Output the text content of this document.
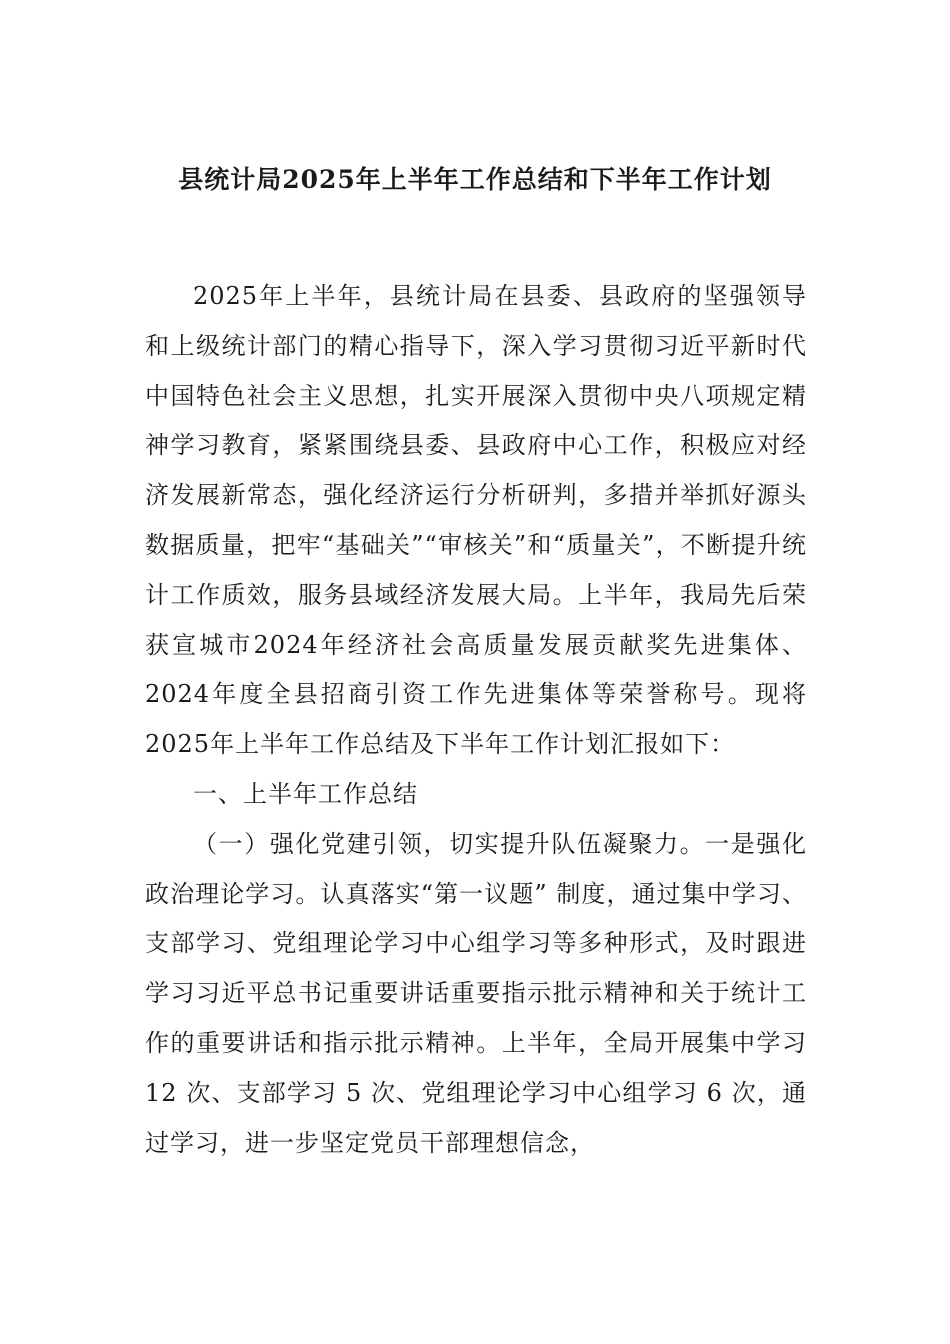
县统计局2025年上半年工作总结和下半年工作计划

2025年上半年，县统计局在县委、县政府的坚强领导和上级统计部门的精心指导下，深入学习贯彻习近平新时代中国特色社会主义思想，扎实开展深入贯彻中央八项规定精神学习教育，紧紧围绕县委、县政府中心工作，积极应对经济发展新常态，强化经济运行分析研判，多措并举抓好源头数据质量，把牢“基础关”“审核关”和“质量关”，不断提升统计工作质效，服务县域经济发展大局。上半年，我局先后荣获宣城市2024年经济社会高质量发展贡献奖先进集体、2024年度全县招商引资工作先进集体等荣誉称号。现将2025年上半年工作总结及下半年工作计划汇报如下：

一、上半年工作总结

（一）强化党建引领，切实提升队伍凝聚力。一是强化政治理论学习。认真落实“第一议题” 制度，通过集中学习、支部学习、党组理论学习中心组学习等多种形式，及时跟进学习习近平总书记重要讲话重要指示批示精神和关于统计工作的重要讲话和指示批示精神。上半年，全局开展集中学习 12 次、支部学习 5 次、党组理论学习中心组学习 6 次，通过学习，进一步坚定党员干部理想信念，
